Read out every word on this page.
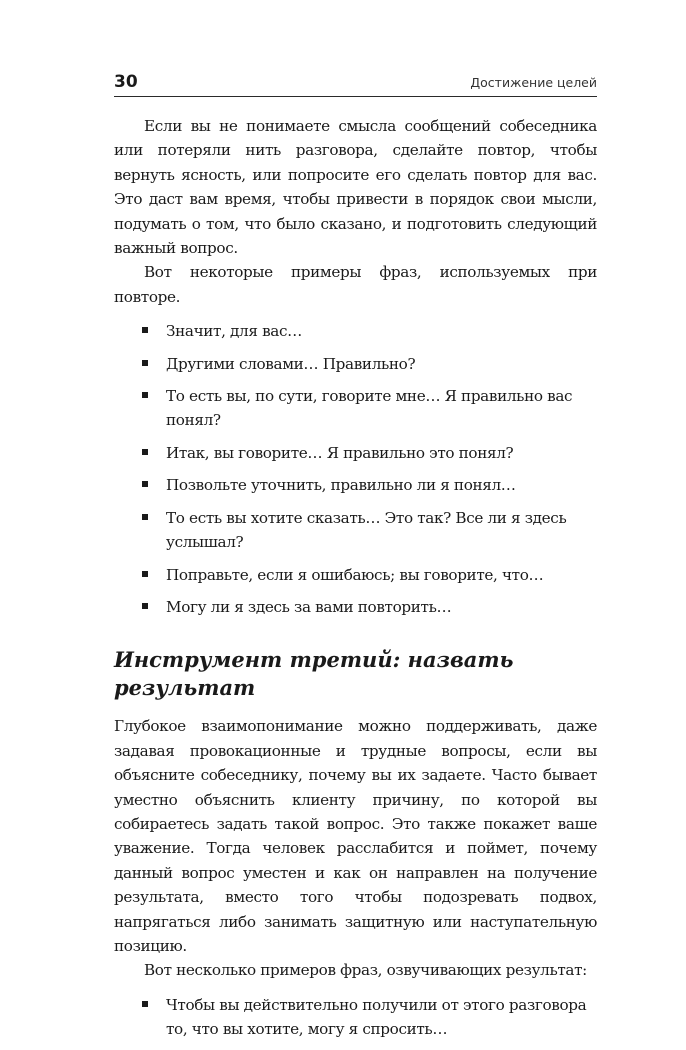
30	Достижение целей

Если вы не понимаете смысла сообщений собеседника или потеряли нить разговора, сделайте повтор, чтобы вернуть ясность, или попросите его сделать повтор для вас. Это даст вам время, чтобы привести в порядок свои мысли, подумать о том, что было сказано, и подготовить следующий важный вопрос.

Вот некоторые примеры фраз, используемых при повторе.

Значит, для вас…
Другими словами… Правильно?
То есть вы, по сути, говорите мне… Я правильно вас понял?
Итак, вы говорите… Я правильно это понял?
Позвольте уточнить, правильно ли я понял…
То есть вы хотите сказать… Это так? Все ли я здесь услышал?
Поправьте, если я ошибаюсь; вы говорите, что…
Могу ли я здесь за вами повторить…
Инструмент третий: назвать результат

Глубокое взаимопонимание можно поддерживать, даже задавая провокационные и трудные вопросы, если вы объясните собеседнику, почему вы их задаете. Часто бывает уместно объяснить клиенту причину, по которой вы собираетесь задать такой вопрос. Это также покажет ваше уважение. Тогда человек расслабится и поймет, почему данный вопрос уместен и как он направлен на получение результата, вместо того чтобы подозревать подвох, напрягаться либо занимать защитную или наступательную позицию.

Вот несколько примеров фраз, озвучивающих результат:

Чтобы вы действительно получили от этого разговора то, что вы хотите, могу я спросить…
